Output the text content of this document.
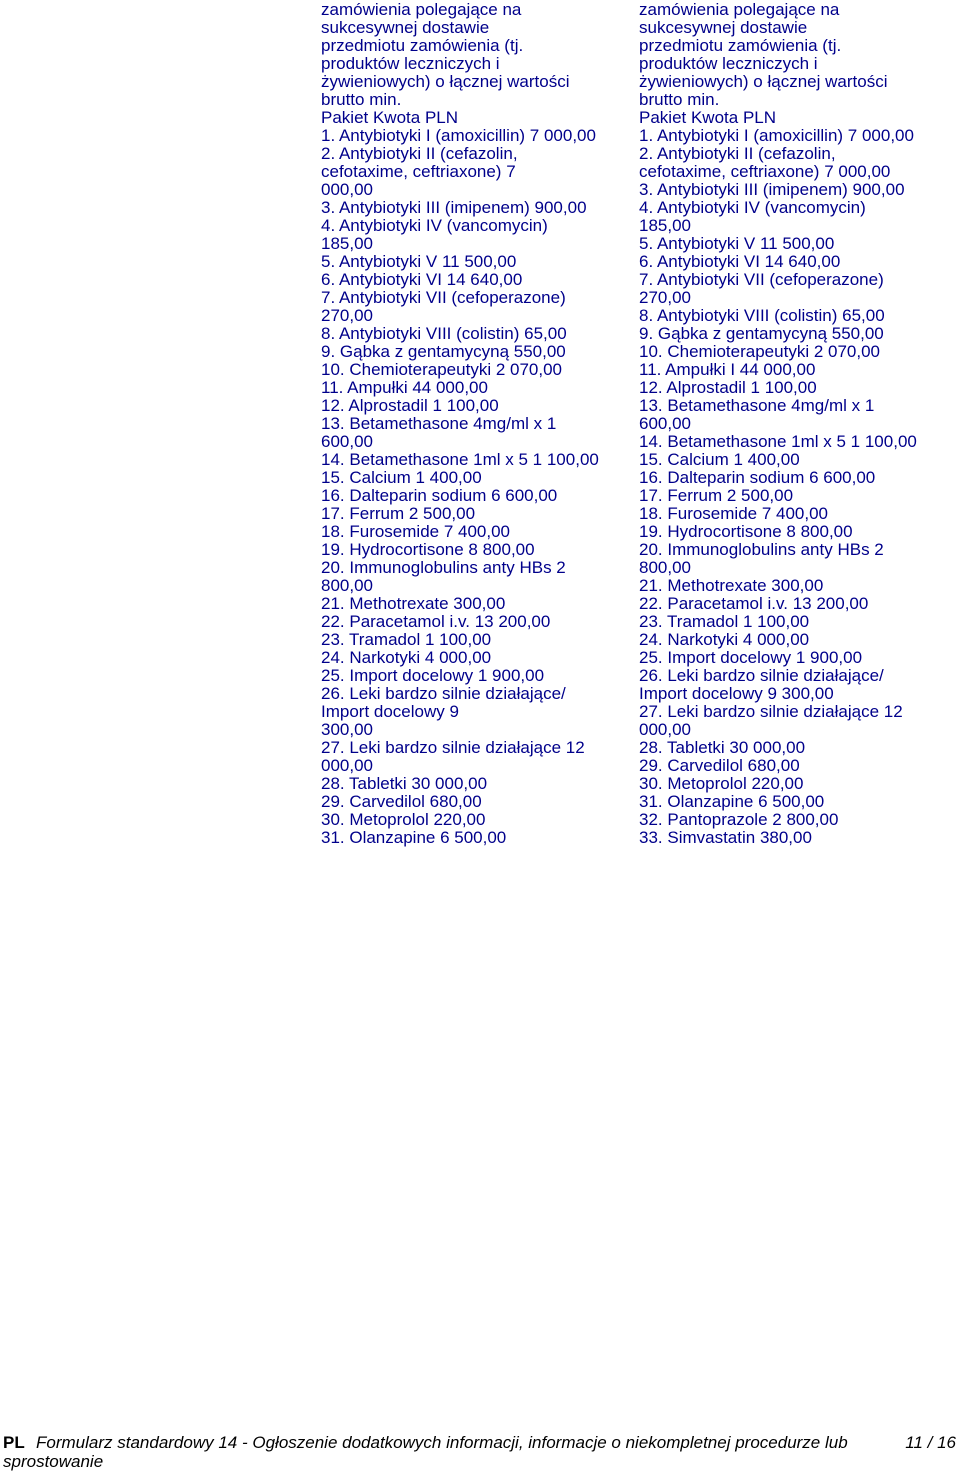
zamówienia polegające na
sukcesywnej dostawie
przedmiotu zamówienia (tj.
produktów leczniczych i
żywieniowych) o łącznej wartości
brutto min.
Pakiet Kwota PLN
1. Antybiotyki I (amoxicillin) 7 000,00
2. Antybiotyki II (cefazolin,
cefotaxime, ceftriaxone) 7
000,00
3. Antybiotyki III (imipenem) 900,00
4. Antybiotyki IV (vancomycin)
185,00
5. Antybiotyki V 11 500,00
6. Antybiotyki VI 14 640,00
7. Antybiotyki VII (cefoperazone)
270,00
8. Antybiotyki VIII (colistin) 65,00
9. Gąbka z gentamycyną 550,00
10. Chemioterapeutyki 2 070,00
11. Ampułki 44 000,00
12. Alprostadil 1 100,00
13. Betamethasone 4mg/ml x 1
600,00
14. Betamethasone 1ml x 5 1 100,00
15. Calcium 1 400,00
16. Dalteparin sodium 6 600,00
17. Ferrum 2 500,00
18. Furosemide 7 400,00
19. Hydrocortisone 8 800,00
20. Immunoglobulins anty HBs 2
800,00
21. Methotrexate 300,00
22. Paracetamol i.v. 13 200,00
23. Tramadol 1 100,00
24. Narkotyki 4 000,00
25. Import docelowy 1 900,00
26. Leki bardzo silnie działające/
Import docelowy 9
300,00
27. Leki bardzo silnie działające 12
000,00
28. Tabletki 30 000,00
29. Carvedilol 680,00
30. Metoprolol 220,00
31. Olanzapine 6 500,00
zamówienia polegające na
sukcesywnej dostawie
przedmiotu zamówienia (tj.
produktów leczniczych i
żywieniowych) o łącznej wartości
brutto min.
Pakiet Kwota PLN
1. Antybiotyki I (amoxicillin) 7 000,00
2. Antybiotyki II (cefazolin,
cefotaxime, ceftriaxone) 7 000,00
3. Antybiotyki III (imipenem) 900,00
4. Antybiotyki IV (vancomycin)
185,00
5. Antybiotyki V 11 500,00
6. Antybiotyki VI 14 640,00
7. Antybiotyki VII (cefoperazone)
270,00
8. Antybiotyki VIII (colistin) 65,00
9. Gąbka z gentamycyną 550,00
10. Chemioterapeutyki 2 070,00
11. Ampułki I 44 000,00
12. Alprostadil 1 100,00
13. Betamethasone 4mg/ml x 1
600,00
14. Betamethasone 1ml x 5 1 100,00
15. Calcium 1 400,00
16. Dalteparin sodium 6 600,00
17. Ferrum 2 500,00
18. Furosemide 7 400,00
19. Hydrocortisone 8 800,00
20. Immunoglobulins anty HBs 2
800,00
21. Methotrexate 300,00
22. Paracetamol i.v. 13 200,00
23. Tramadol 1 100,00
24. Narkotyki 4 000,00
25. Import docelowy 1 900,00
26. Leki bardzo silnie działające/
Import docelowy 9 300,00
27. Leki bardzo silnie działające 12
000,00
28. Tabletki 30 000,00
29. Carvedilol 680,00
30. Metoprolol 220,00
31. Olanzapine 6 500,00
32. Pantoprazole 2 800,00
33. Simvastatin 380,00
PL Formularz standardowy 14 - Ogłoszenie dodatkowych informacji, informacje o niekompletnej procedurze lub
sprostowanie
11 / 16
